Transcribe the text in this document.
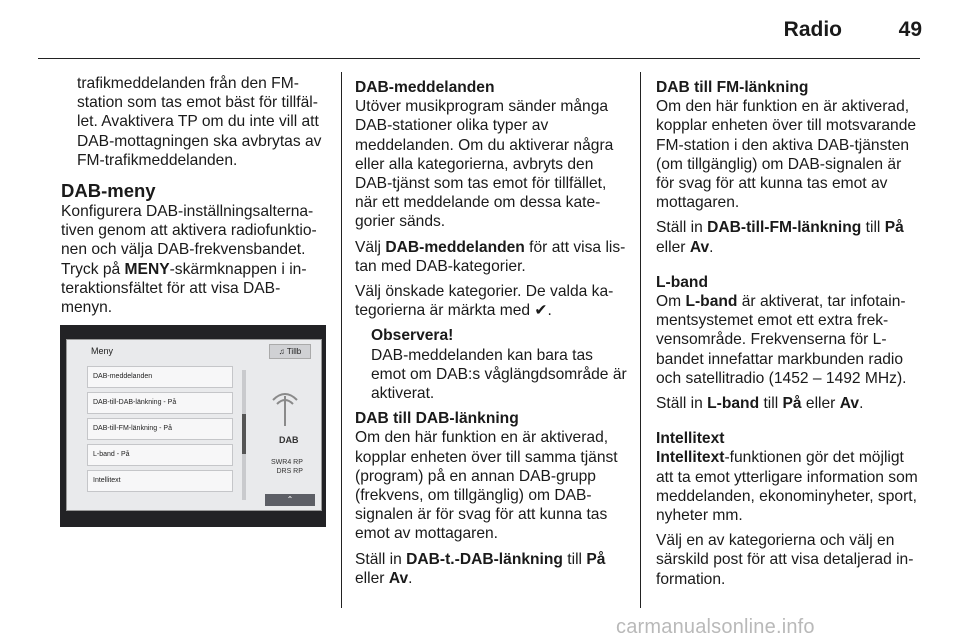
Radio	49

trafikmeddelanden från den FM-station som tas emot bäst för tillfäl-let. Avaktivera TP om du inte vill att DAB-mottagningen ska avbrytas av FM-trafikmeddelanden.

DAB-meny

Konfigurera DAB-inställningsalterna-tiven genom att aktivera radiofunktio-nen och välja DAB-frekvensbandet.

Tryck på MENY-skärmknappen i in-teraktionsfältet för att visa DAB-menyn.

Meny	♫ Tillb
DAB-meddelanden
DAB-till-DAB-länkning - På
DAB-till-FM-länkning - På
L-band - På
Intellitext
DAB
SWR4 RP
DRS RP
⌃
DAB-meddelanden

Utöver musikprogram sänder många DAB-stationer olika typer av meddelanden. Om du aktiverar några eller alla kategorierna, avbryts den DAB-tjänst som tas emot för tillfället, när ett meddelande om dessa kate-gorier sänds.

Välj DAB-meddelanden för att visa lis-tan med DAB-kategorier.

Välj önskade kategorier. De valda ka-tegorierna är märkta med ✔.

Observera!
DAB-meddelanden kan bara tas emot om DAB:s våglängdsområde är aktiverat.
DAB till DAB-länkning

Om den här funktion en är aktiverad, kopplar enheten över till samma tjänst (program) på en annan DAB-grupp (frekvens, om tillgänglig) om DAB-signalen är för svag för att kunna tas emot av mottagaren.

Ställ in DAB-t.-DAB-länkning till På
eller Av.

DAB till FM-länkning

Om den här funktion en är aktiverad, kopplar enheten över till motsvarande FM-station i den aktiva DAB-tjänsten (om tillgänglig) om DAB-signalen är för svag för att kunna tas emot av mottagaren.

Ställ in DAB-till-FM-länkning till På
eller Av.

L-band

Om L-band är aktiverat, tar infotain-mentsystemet emot ett extra frek-vensområde. Frekvenserna för L-bandet innefattar markbunden radio och satellitradio (1452 – 1492 MHz).

Ställ in L-band till På eller Av.

Intellitext

Intellitext-funktionen gör det möjligt att ta emot ytterligare information som meddelanden, ekonominyheter, sport, nyheter mm.

Välj en av kategorierna och välj en särskild post för att visa detaljerad in-formation.

carmanualsonline.info
